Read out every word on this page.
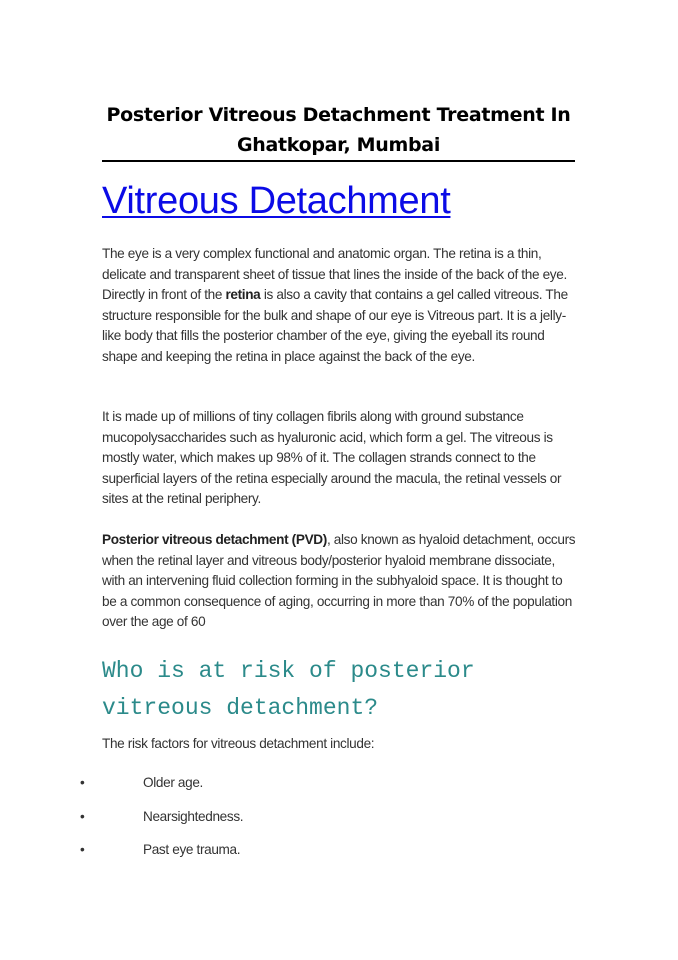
Posterior Vitreous Detachment Treatment In Ghatkopar, Mumbai
Vitreous Detachment

The eye is a very complex functional and anatomic organ. The retina is a thin, delicate and transparent sheet of tissue that lines the inside of the back of the eye. Directly in front of the retina is also a cavity that contains a gel called vitreous. The structure responsible for the bulk and shape of our eye is Vitreous part. It is a jelly-like body that fills the posterior chamber of the eye, giving the eyeball its round shape and keeping the retina in place against the back of the eye.

It is made up of millions of tiny collagen fibrils along with ground substance mucopolysaccharides such as hyaluronic acid, which form a gel. The vitreous is mostly water, which makes up 98% of it. The collagen strands connect to the superficial layers of the retina especially around the macula, the retinal vessels or sites at the retinal periphery.

Posterior vitreous detachment (PVD), also known as hyaloid detachment, occurs when the retinal layer and vitreous body/posterior hyaloid membrane dissociate, with an intervening fluid collection forming in the subhyaloid space. It is thought to be a common consequence of aging, occurring in more than 70% of the population over the age of 60

Who is at risk of posterior vitreous detachment?

The risk factors for vitreous detachment include:

•	Older age.
•	Nearsightedness.
•	Past eye trauma.
